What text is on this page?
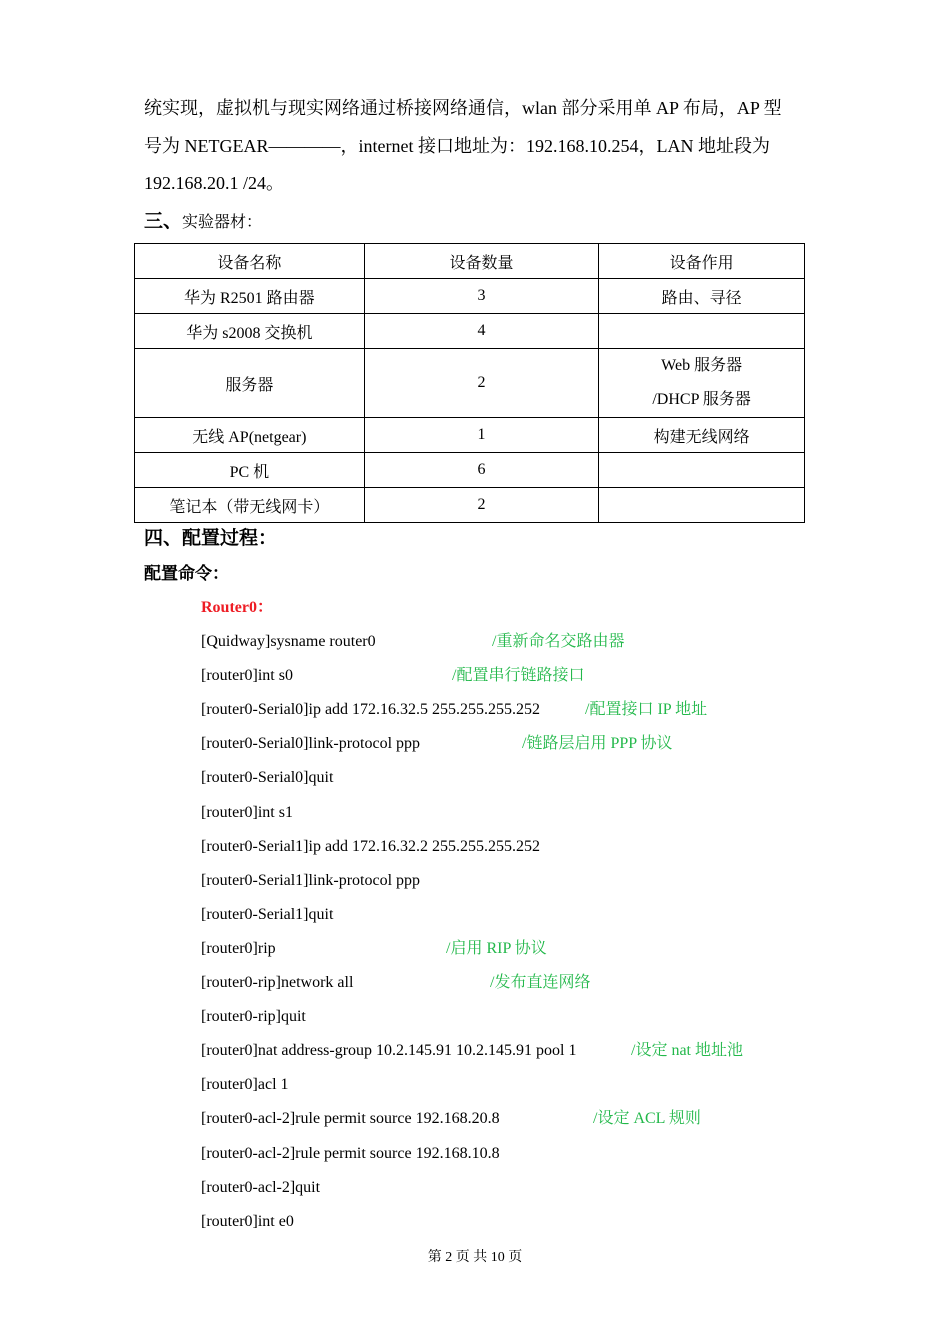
统实现，虚拟机与现实网络通过桥接网络通信，wlan 部分采用单 AP 布局，AP 型
号为 NETGEAR————，internet 接口地址为：192.168.10.254，LAN 地址段为
192.168.20.1 /24。
三、实验器材：
设备名称	设备数量	设备作用
华为 R2501 路由器	3	路由、寻径
华为 s2008 交换机	4	
服务器	2	Web 服务器
/DHCP 服务器

无线 AP(netgear)	1	构建无线网络
PC 机	6	
笔记本（带无线网卡）	2	
四、配置过程：
配置命令：
Router0：
[Quidway]sysname router0	/重新命名交路由器
[router0]int s0	/配置串行链路接口
[router0-Serial0]ip add 172.16.32.5 255.255.255.252	/配置接口 IP 地址
[router0-Serial0]link-protocol ppp	/链路层启用 PPP 协议
[router0-Serial0]quit
[router0]int s1
[router0-Serial1]ip add 172.16.32.2 255.255.255.252
[router0-Serial1]link-protocol ppp
[router0-Serial1]quit
[router0]rip	/启用 RIP 协议
[router0-rip]network all	/发布直连网络
[router0-rip]quit
[router0]nat address-group 10.2.145.91 10.2.145.91 pool 1	/设定 nat 地址池
[router0]acl 1
[router0-acl-2]rule permit source 192.168.20.8	/设定 ACL 规则
[router0-acl-2]rule permit source 192.168.10.8
[router0-acl-2]quit
[router0]int e0
第 2 页 共 10 页
